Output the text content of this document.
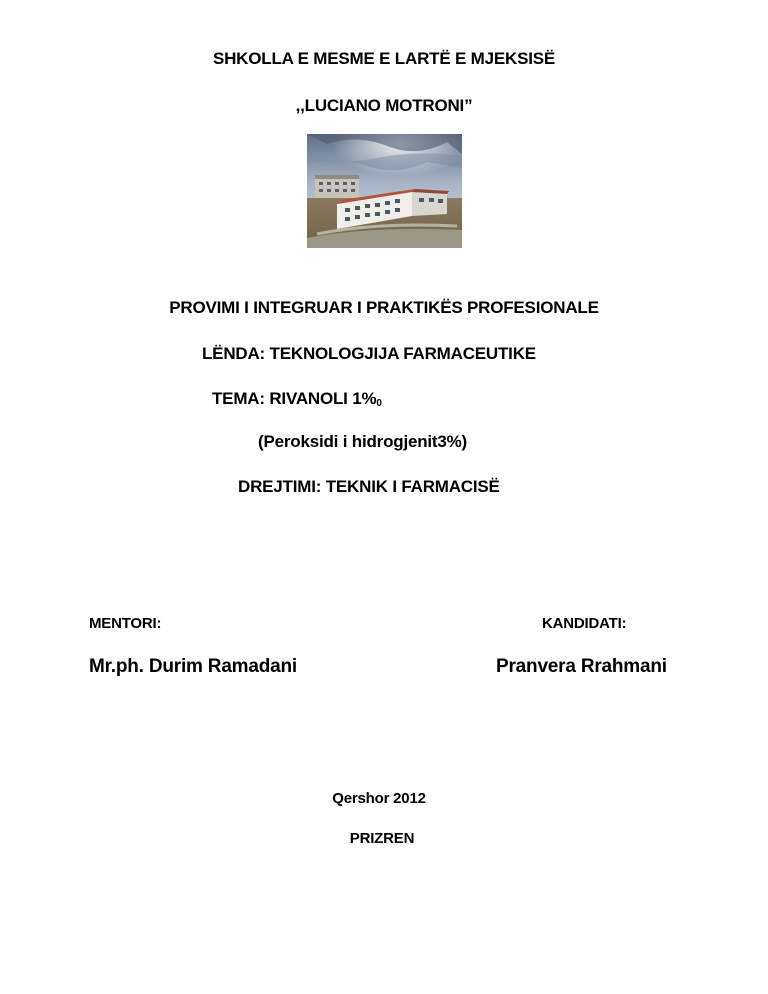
SHKOLLA E MESME E LARTË E MJEKSISË
,,LUCIANO MOTRONI”
PROVIMI I INTEGRUAR I PRAKTIKËS PROFESIONALE
LËNDA: TEKNOLOGJIJA FARMACEUTIKE
TEMA: RIVANOLI $1\%_0$
(Peroksidi i hidrogjenit3%)
DREJTIMI: TEKNIK I FARMACISË
MENTORI:
Mr.ph. Durim Ramadani
KANDIDATI:
Pranvera Rrahmani
Qershor 2012
PRIZREN
